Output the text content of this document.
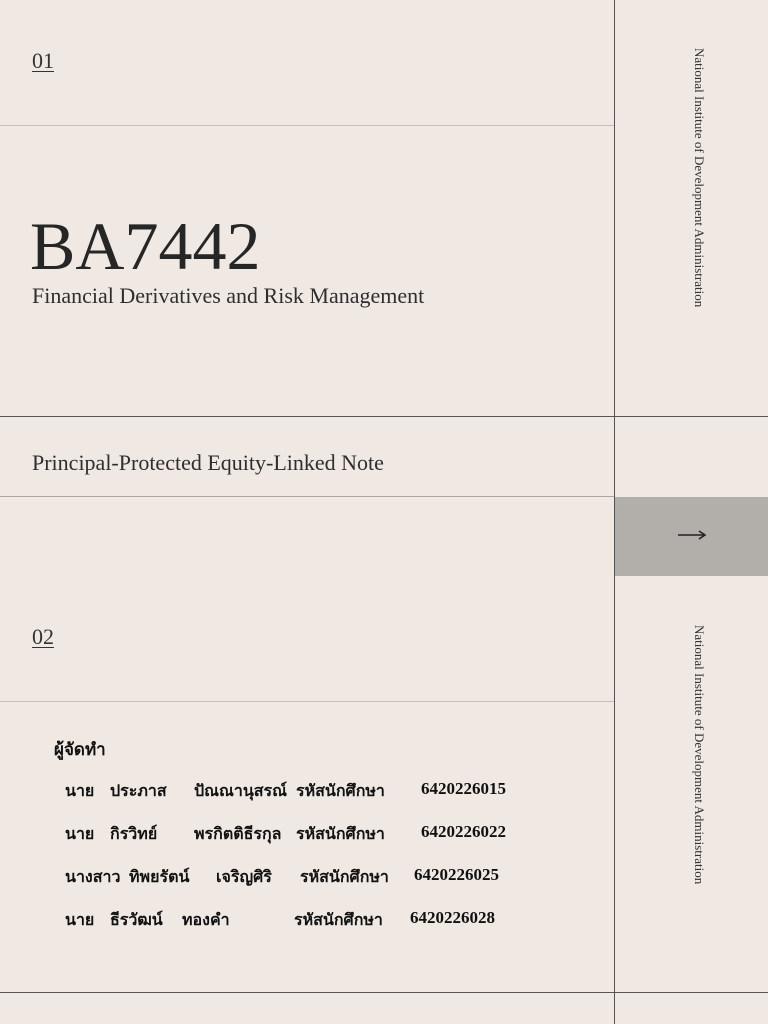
01
02
BA7442
Financial Derivatives and Risk Management
Principal-Protected Equity-Linked Note
National Institute of Development Administration
National Institute of Development Administration
ผู้จัดทำ
นาย ประภาส ปัณณานุสรณ์ รหัสนักศึกษา 6420226015
นาย กิรวิทย์ พรกิตติธีรกุล รหัสนักศึกษา 6420226022
นางสาว ทิพยรัตน์ เจริญศิริ รหัสนักศึกษา 6420226025
นาย ธีรวัฒน์ ทองคำ	รหัสนักศึกษา 6420226028
